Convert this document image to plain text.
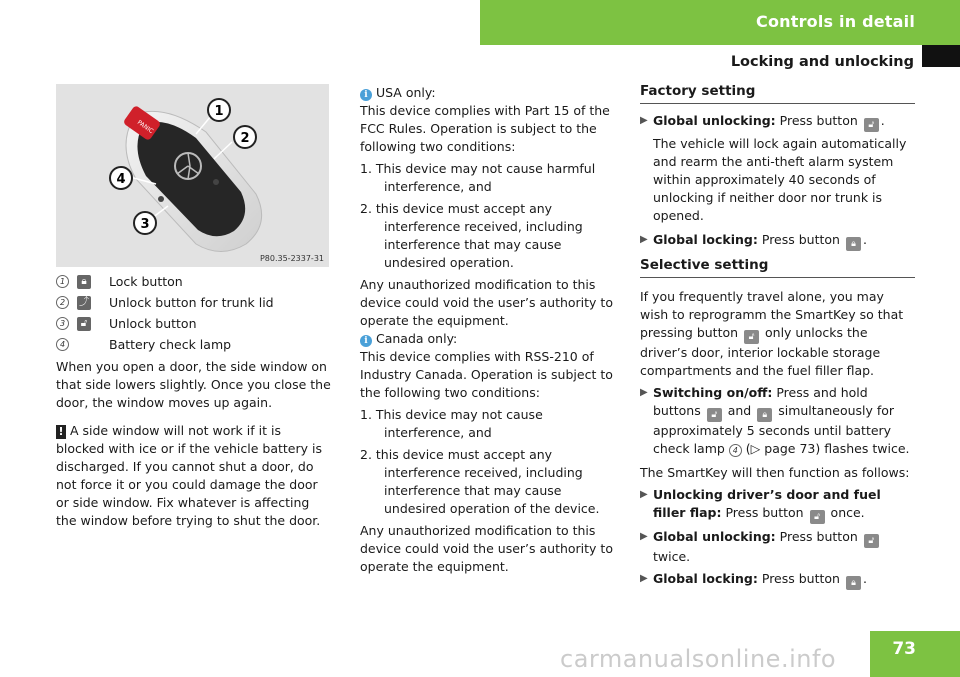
Controls in detail
Locking and unlocking
PANIC
1
2
3
4
P80.35-2337-31
1	🔒︎	Lock button
2	⤴ Unlock button for trunk lid
3	🔓︎	Unlock button
4	Battery check lamp
When you open a door, the side window on that side lowers slightly. Once you close the door, the window moves up again.
! A side window will not work if it is blocked with ice or if the vehicle battery is discharged. If you cannot shut a door, do not force it or you could damage the door or side window. Fix whatever is affecting the window before trying to shut the door.
i USA only:
This device complies with Part 15 of the FCC Rules. Operation is subject to the following two conditions:
1. This device may not cause harmful interference, and
2. this device must accept any interference received, including interference that may cause undesired operation.
Any unauthorized modification to this device could void the user’s authority to operate the equipment.
i Canada only:
This device complies with RSS-210 of Industry Canada. Operation is subject to the following two conditions:
1. This device may not cause interference, and
2. this device must accept any interference received, including interference that may cause undesired operation of the device.
Any unauthorized modification to this device could void the user’s authority to operate the equipment.
Factory setting
▶ Global unlocking: Press button 🔓︎ .
The vehicle will lock again automatically and rearm the anti-theft alarm system within approximately 40 seconds of unlocking if neither door nor trunk is opened.
▶ Global locking: Press button 🔒︎ .
Selective setting
If you frequently travel alone, you may wish to reprogramm the SmartKey so that pressing button 🔓︎ only unlocks the driver’s door, interior lockable storage compartments and the fuel filler flap.
▶ Switching on/off: Press and hold buttons 🔓︎ and 🔒︎ simultaneously for approximately 5 seconds until battery check lamp 4 (▷ page 73) flashes twice.
The SmartKey will then function as follows:
▶ Unlocking driver’s door and fuel filler flap: Press button 🔓︎ once.
▶ Global unlocking: Press button 🔓︎ twice.
▶ Global locking: Press button 🔒︎ .
carmanualsonline.info	73
